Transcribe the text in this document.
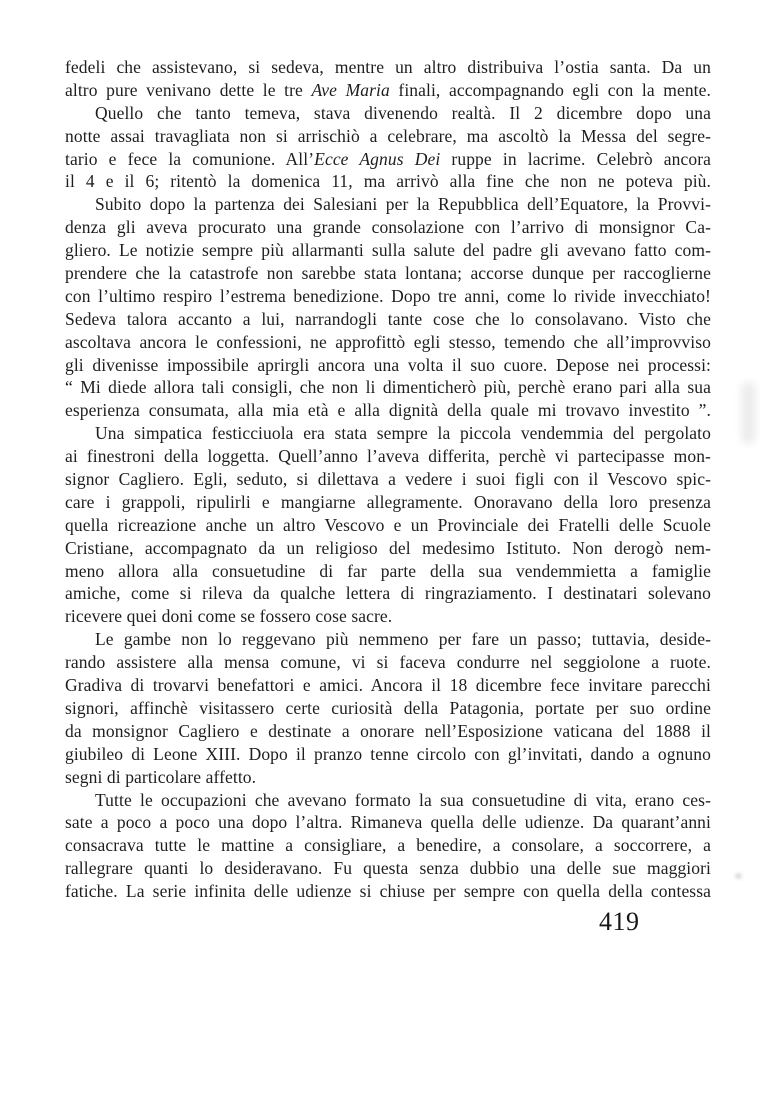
fedeli che assistevano, si sedeva, mentre un altro distribuiva l’ostia santa. Da un
altro pure venivano dette le tre Ave Maria finali, accompagnando egli con la mente.
Quello che tanto temeva, stava divenendo realtà. Il 2 dicembre dopo una
notte assai travagliata non si arrischiò a celebrare, ma ascoltò la Messa del segre-
tario e fece la comunione. All’Ecce Agnus Dei ruppe in lacrime. Celebrò ancora
il 4 e il 6; ritentò la domenica 11, ma arrivò alla fine che non ne poteva più.
Subito dopo la partenza dei Salesiani per la Repubblica dell’Equatore, la Provvi-
denza gli aveva procurato una grande consolazione con l’arrivo di monsignor Ca-
gliero. Le notizie sempre più allarmanti sulla salute del padre gli avevano fatto com-
prendere che la catastrofe non sarebbe stata lontana; accorse dunque per raccoglierne
con l’ultimo respiro l’estrema benedizione. Dopo tre anni, come lo rivide invecchiato!
Sedeva talora accanto a lui, narrandogli tante cose che lo consolavano. Visto che
ascoltava ancora le confessioni, ne approfittò egli stesso, temendo che all’improvviso
gli divenisse impossibile aprirgli ancora una volta il suo cuore. Depose nei processi:
“ Mi diede allora tali consigli, che non li dimenticherò più, perchè erano pari alla sua
esperienza consumata, alla mia età e alla dignità della quale mi trovavo investito ”.
Una simpatica festicciuola era stata sempre la piccola vendemmia del pergolato
ai finestroni della loggetta. Quell’anno l’aveva differita, perchè vi partecipasse mon-
signor Cagliero. Egli, seduto, si dilettava a vedere i suoi figli con il Vescovo spic-
care i grappoli, ripulirli e mangiarne allegramente. Onoravano della loro presenza
quella ricreazione anche un altro Vescovo e un Provinciale dei Fratelli delle Scuole
Cristiane, accompagnato da un religioso del medesimo Istituto. Non derogò nem-
meno allora alla consuetudine di far parte della sua vendemmietta a famiglie
amiche, come si rileva da qualche lettera di ringraziamento. I destinatari solevano
ricevere quei doni come se fossero cose sacre.
Le gambe non lo reggevano più nemmeno per fare un passo; tuttavia, deside-
rando assistere alla mensa comune, vi si faceva condurre nel seggiolone a ruote.
Gradiva di trovarvi benefattori e amici. Ancora il 18 dicembre fece invitare parecchi
signori, affinchè visitassero certe curiosità della Patagonia, portate per suo ordine
da monsignor Cagliero e destinate a onorare nell’Esposizione vaticana del 1888 il
giubileo di Leone XIII. Dopo il pranzo tenne circolo con gl’invitati, dando a ognuno
segni di particolare affetto.
Tutte le occupazioni che avevano formato la sua consuetudine di vita, erano ces-
sate a poco a poco una dopo l’altra. Rimaneva quella delle udienze. Da quarant’anni
consacrava tutte le mattine a consigliare, a benedire, a consolare, a soccorrere, a
rallegrare quanti lo desideravano. Fu questa senza dubbio una delle sue maggiori
fatiche. La serie infinita delle udienze si chiuse per sempre con quella della contessa
419
